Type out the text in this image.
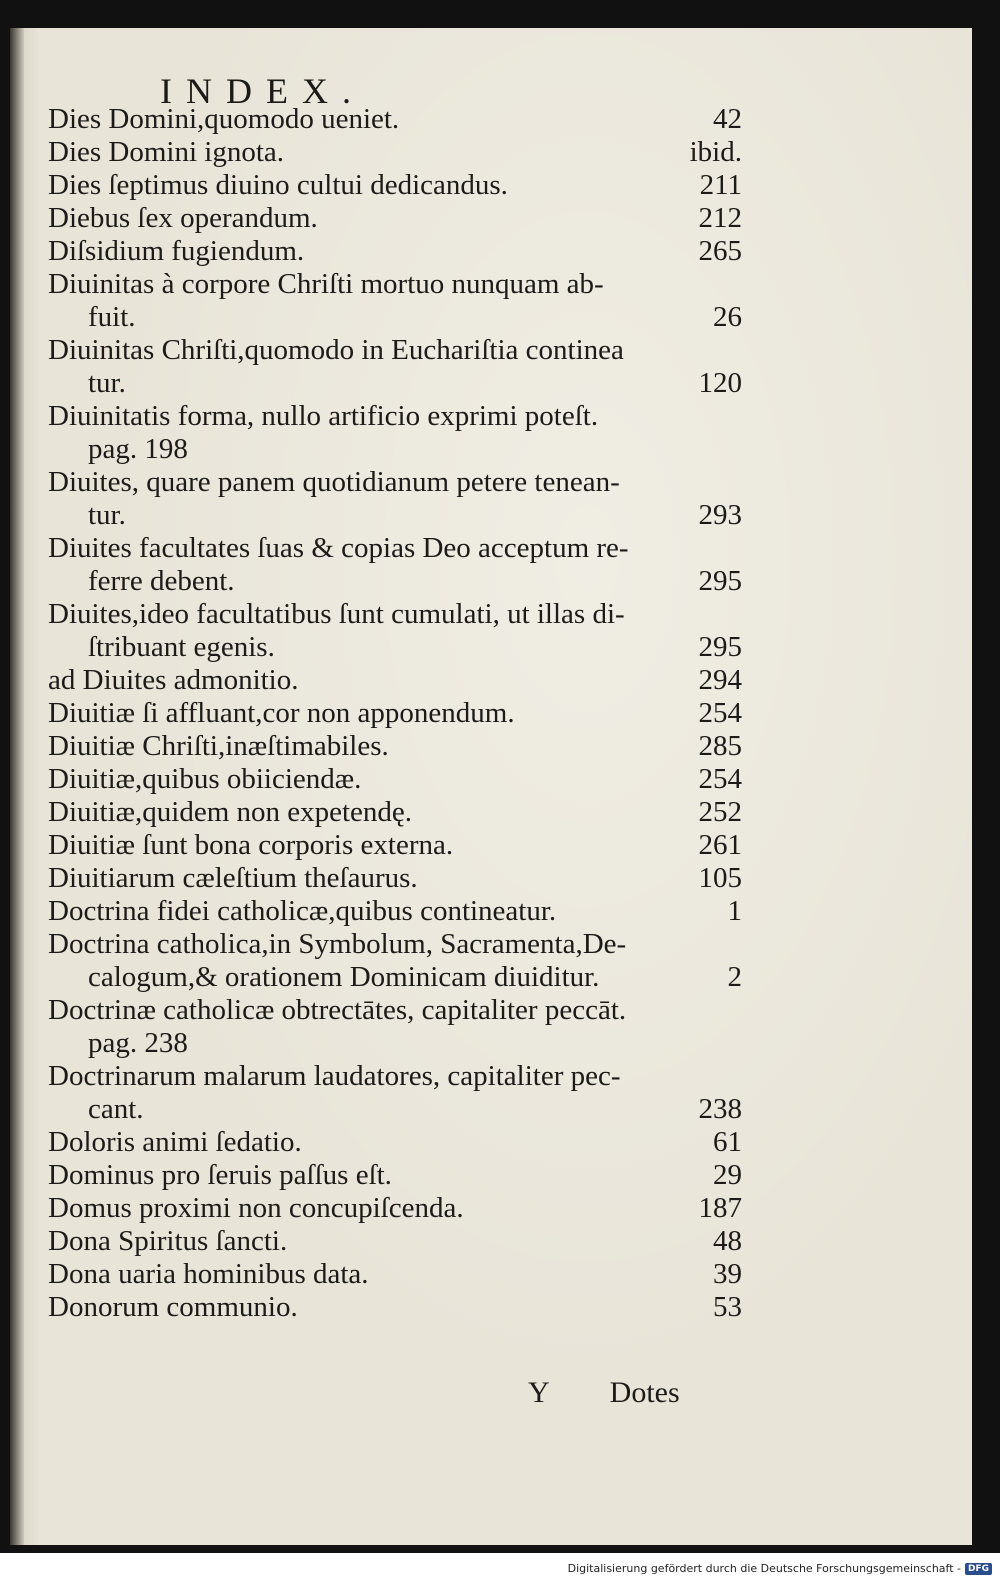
INDEX.
Dies Domini,quomodo ueniet.	42
Dies Domini ignota.	ibid.
Dies ſeptimus diuino cultui dedicandus.	211
Diebus ſex operandum.	212
Diſsidium fugiendum.	265
Diuinitas à corpore Chriſti mortuo nunquam ab-
fuit.	26
Diuinitas Chriſti,quomodo in Euchariſtia continea
tur.	120
Diuinitatis forma, nullo artificio exprimi poteſt.
pag. 198
Diuites, quare panem quotidianum petere tenean-
tur.	293
Diuites facultates ſuas & copias Deo acceptum re-
ferre debent.	295
Diuites,ideo facultatibus ſunt cumulati, ut illas di-
ſtribuant egenis.	295
ad Diuites admonitio.	294
Diuitiæ ſi affluant,cor non apponendum.	254
Diuitiæ Chriſti,inæſtimabiles.	285
Diuitiæ,quibus obiiciendæ.	254
Diuitiæ,quidem non expetendę.	252
Diuitiæ ſunt bona corporis externa.	261
Diuitiarum cæleſtium theſaurus.	105
Doctrina fidei catholicæ,quibus contineatur.	1
Doctrina catholica,in Symbolum, Sacramenta,De-
calogum,& orationem Dominicam diuiditur.	2
Doctrinæ catholicæ obtrectātes, capitaliter peccāt.
pag. 238
Doctrinarum malarum laudatores, capitaliter pec-
cant.	238
Doloris animi ſedatio.	61
Dominus pro ſeruis paſſus eſt.	29
Domus proximi non concupiſcenda.	187
Dona Spiritus ſancti.	48
Dona uaria hominibus data.	39
Donorum communio.	53
Y Dotes
Digitalisierung gefördert durch die Deutsche Forschungsgemeinschaft - DFG
